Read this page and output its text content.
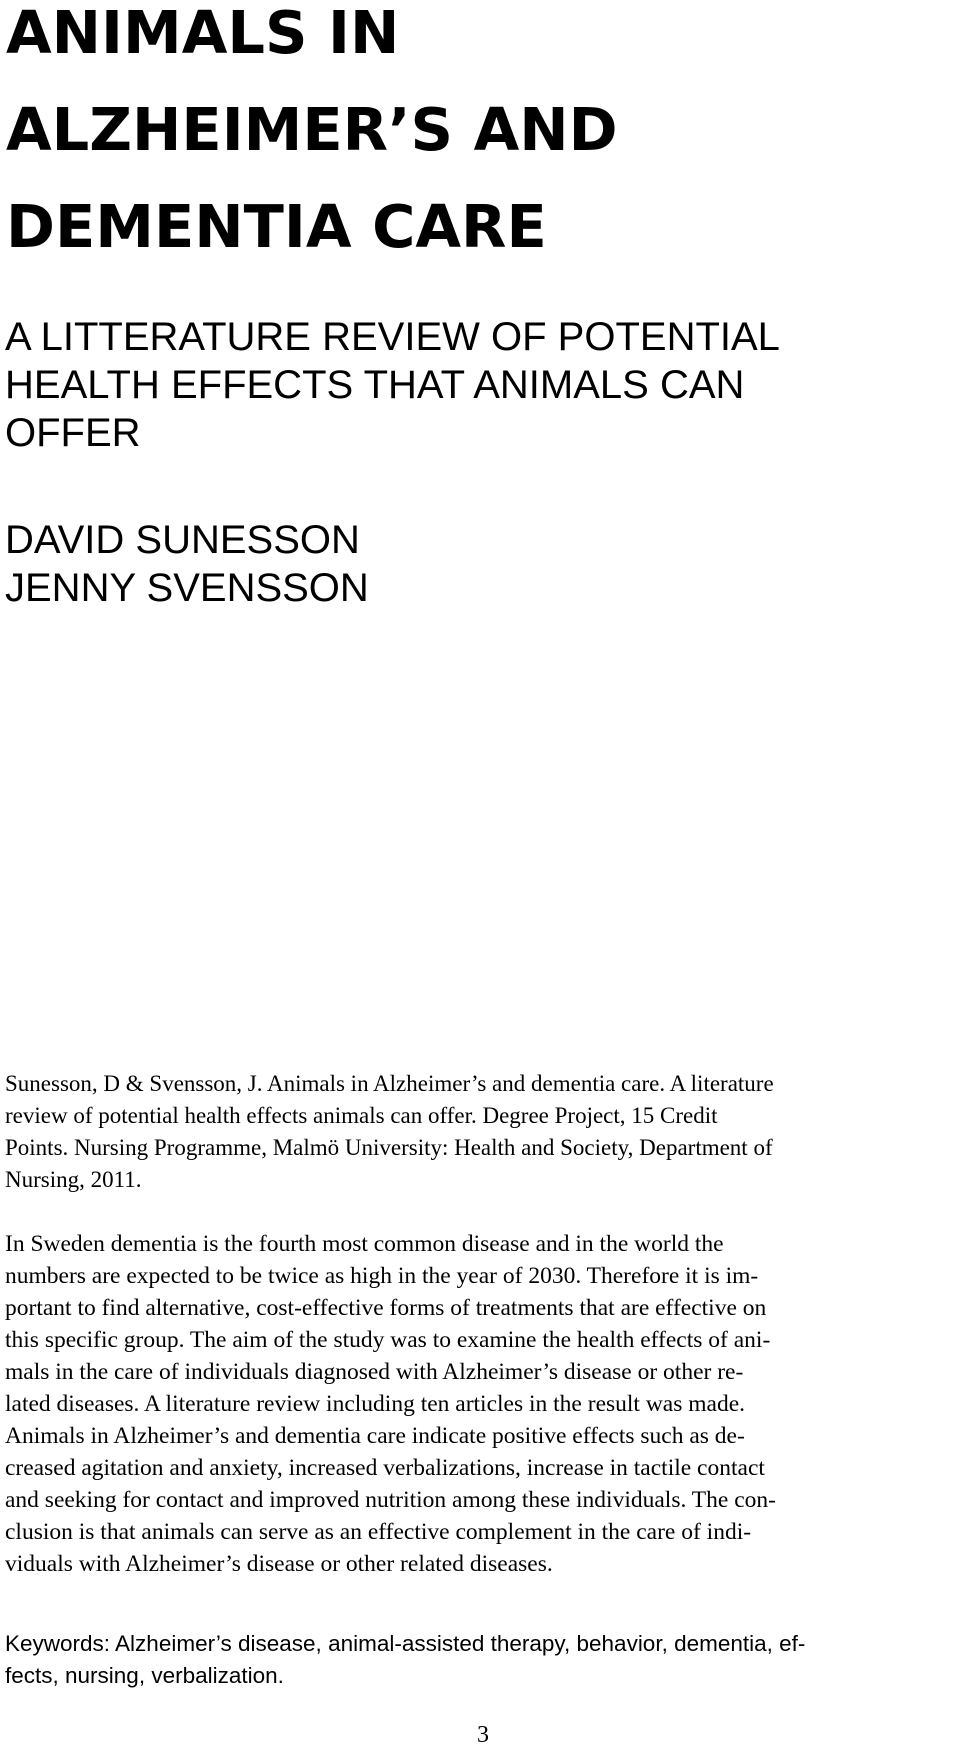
ANIMALS IN
ALZHEIMER’S AND
DEMENTIA CARE
A LITTERATURE REVIEW OF POTENTIAL
HEALTH EFFECTS THAT ANIMALS CAN
OFFER
DAVID SUNESSON
JENNY SVENSSON

Sunesson, D & Svensson, J. Animals in Alzheimer’s and dementia care. A literature
review of potential health effects animals can offer. Degree Project, 15 Credit
Points. Nursing Programme, Malmö University: Health and Society, Department of
Nursing, 2011.

In Sweden dementia is the fourth most common disease and in the world the
numbers are expected to be twice as high in the year of 2030. Therefore it is im-
portant to find alternative, cost-effective forms of treatments that are effective on
this specific group. The aim of the study was to examine the health effects of ani-
mals in the care of individuals diagnosed with Alzheimer’s disease or other re-
lated diseases. A literature review including ten articles in the result was made.
Animals in Alzheimer’s and dementia care indicate positive effects such as de-
creased agitation and anxiety, increased verbalizations, increase in tactile contact
and seeking for contact and improved nutrition among these individuals. The con-
clusion is that animals can serve as an effective complement in the care of indi-
viduals with Alzheimer’s disease or other related diseases.

Keywords: Alzheimer’s disease, animal-assisted therapy, behavior, dementia, ef-
fects, nursing, verbalization.

3
